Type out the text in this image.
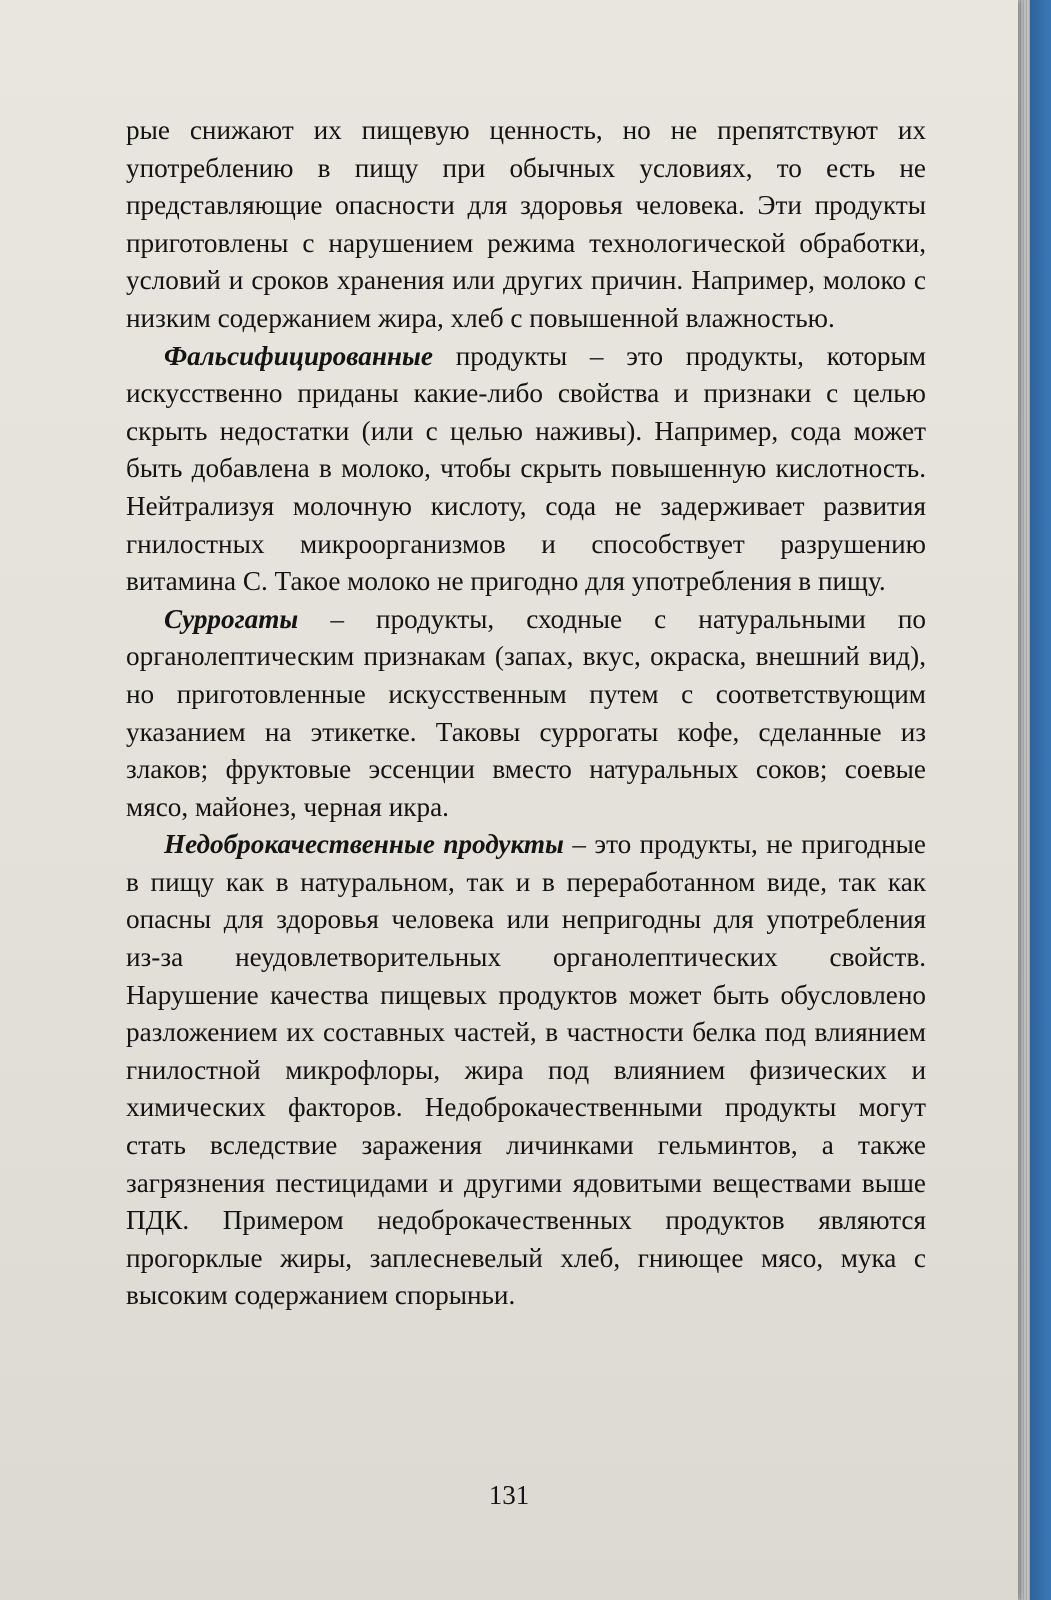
рые снижают их пищевую ценность, но не препятствуют их употреблению в пищу при обычных условиях, то есть не представляющие опасности для здоровья человека. Эти продукты приготовлены с нарушением режима технологической обработки, условий и сроков хранения или других причин. Например, молоко с низким содержанием жира, хлеб с повышенной влажностью.

Фальсифицированные продукты – это продукты, которым искусственно приданы какие-либо свойства и признаки с целью скрыть недостатки (или с целью наживы). Например, сода может быть добавлена в молоко, чтобы скрыть повышенную кислотность. Нейтрализуя молочную кислоту, сода не задерживает развития гнилостных микроорганизмов и способствует разрушению витамина С. Такое молоко не пригодно для употребления в пищу.

Суррогаты – продукты, сходные с натуральными по органолептическим признакам (запах, вкус, окраска, внешний вид), но приготовленные искусственным путем с соответствующим указанием на этикетке. Таковы суррогаты кофе, сделанные из злаков; фруктовые эссенции вместо натуральных соков; соевые мясо, майонез, черная икра.

Недоброкачественные продукты – это продукты, не пригодные в пищу как в натуральном, так и в переработанном виде, так как опасны для здоровья человека или непригодны для употребления из-за неудовлетворительных органолептических свойств. Нарушение качества пищевых продуктов может быть обусловлено разложением их составных частей, в частности белка под влиянием гнилостной микрофлоры, жира под влиянием физических и химических факторов. Недоброкачественными продукты могут стать вследствие заражения личинками гельминтов, а также загрязнения пестицидами и другими ядовитыми веществами выше ПДК. Примером недоброкачественных продуктов являются прогорклые жиры, заплесневелый хлеб, гниющее мясо, мука с высоким содержанием спорыньи.

131
